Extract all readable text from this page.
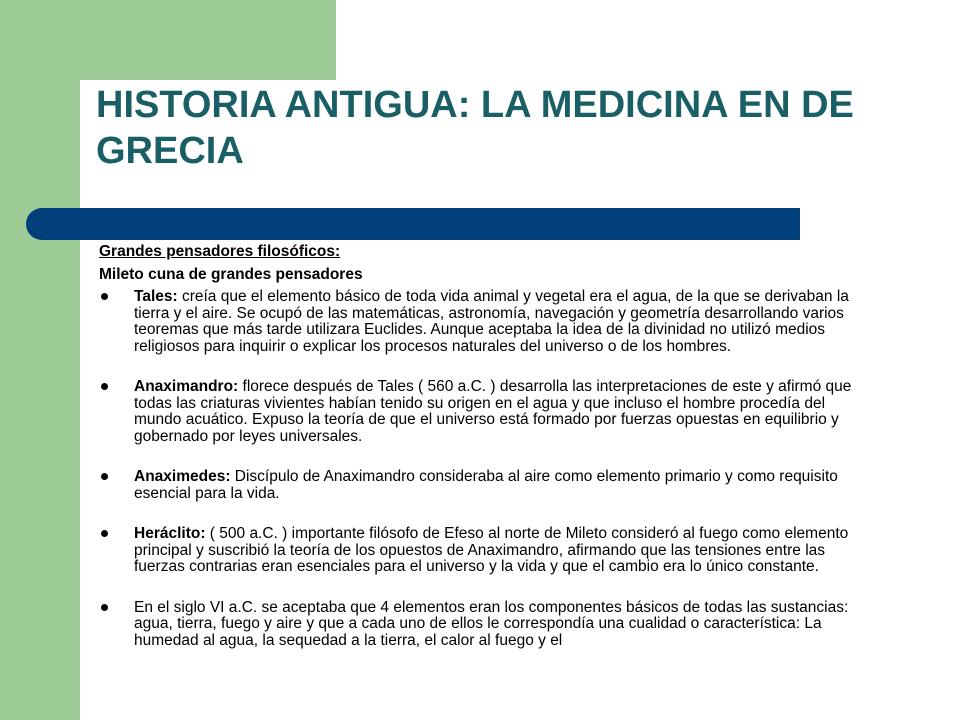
HISTORIA ANTIGUA: LA MEDICINA EN DE GRECIA

Grandes pensadores filosóficos:

Mileto cuna de grandes pensadores

Tales: creía que el elemento básico de toda vida animal y vegetal era el agua, de la que se derivaban la tierra y el aire. Se ocupó de las matemáticas, astronomía, navegación y geometría desarrollando varios teoremas que más tarde utilizara Euclides. Aunque aceptaba la idea de la divinidad no utilizó medios religiosos para inquirir o explicar los procesos naturales del universo o de los hombres.
Anaximandro: florece después de Tales ( 560 a.C. ) desarrolla las interpretaciones de este y afirmó que todas las criaturas vivientes habían tenido su origen en el agua y que incluso el hombre procedía del mundo acuático. Expuso la teoría de que el universo está formado por fuerzas opuestas en equilibrio y gobernado por leyes universales.
Anaximedes: Discípulo de Anaximandro consideraba al aire como elemento primario y como requisito esencial para la vida.
Heráclito: ( 500 a.C. ) importante filósofo de Efeso al norte de Mileto consideró al fuego como elemento principal y suscribió la teoría de los opuestos de Anaximandro, afirmando que las tensiones entre las fuerzas contrarias eran esenciales para el universo y la vida y que el cambio era lo único constante.
En el siglo VI a.C. se aceptaba que 4 elementos eran los componentes básicos de todas las sustancias: agua, tierra, fuego y aire y que a cada uno de ellos le correspondía una cualidad o característica: La humedad al agua, la sequedad a la tierra, el calor al fuego y el
